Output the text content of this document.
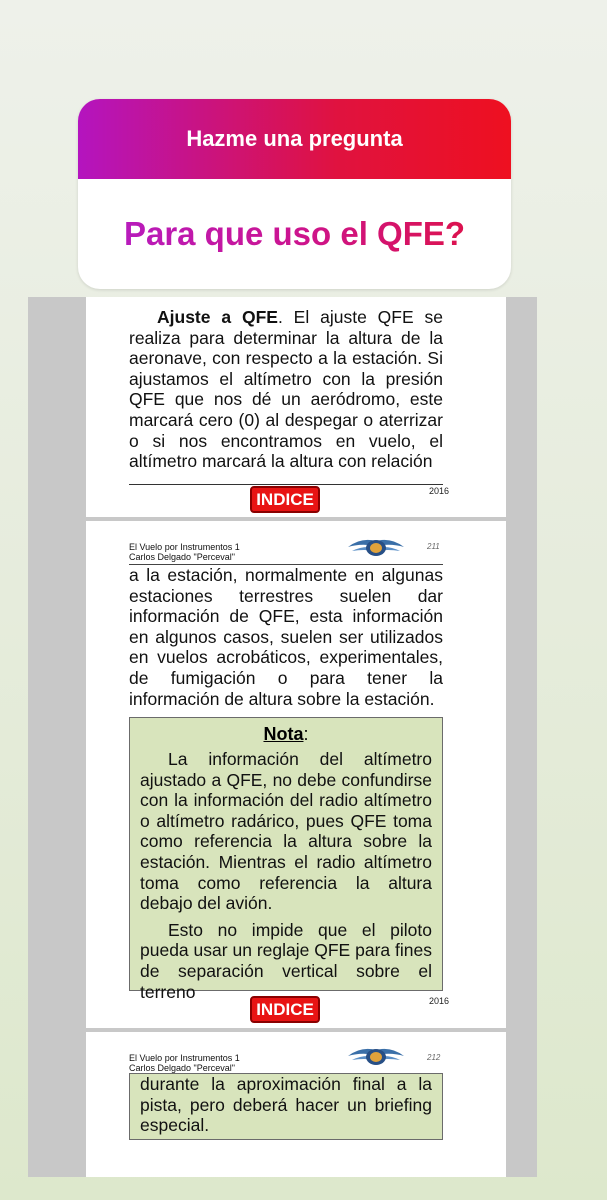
Hazme una pregunta
Para que uso el QFE?

Ajuste a QFE. El ajuste QFE se realiza para determinar la altura de la aeronave, con respecto a la estación. Si ajustamos el altímetro con la presión QFE que nos dé un aeródromo, este marcará cero (0) al despegar o aterrizar o si nos encontramos en vuelo, el altímetro marcará la altura con relación

2016
INDICE
El Vuelo por Instrumentos 1
Carlos Delgado "Perceval"
211

a la estación, normalmente en algunas estaciones terrestres suelen dar información de QFE, esta información en algunos casos, suelen ser utilizados en vuelos acrobáticos, experimentales, de fumigación o para tener la información de altura sobre la estación.

Nota:

La información del altímetro ajustado a QFE, no debe confundirse con la información del radio altímetro o altímetro radárico, pues QFE toma como referencia la altura sobre la estación. Mientras el radio altímetro toma como referencia la altura debajo del avión.

Esto no impide que el piloto pueda usar un reglaje QFE para fines de separación vertical sobre el terreno	2016
INDICE
El Vuelo por Instrumentos 1
Carlos Delgado "Perceval"
212

durante la aproximación final a la pista, pero deberá hacer un briefing especial.
